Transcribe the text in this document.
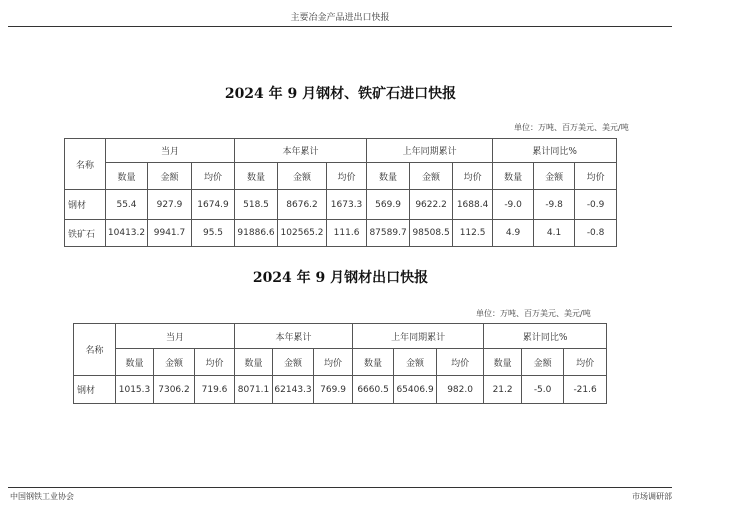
主要冶金产品进出口快报
2024 年 9 月钢材、铁矿石进口快报
单位：万吨、百万美元、美元/吨
名称	当月			本年累计			上年同期累计			累计同比%		
	数量	金额	均价	数量	金额	均价	数量	金额	均价	数量	金额	均价
钢材	55.4	927.9	1674.9	518.5	8676.2	1673.3	569.9	9622.2	1688.4	-9.0	-9.8	-0.9
铁矿石	10413.2	9941.7	95.5	91886.6	102565.2	111.6	87589.7	98508.5	112.5	4.9	4.1	-0.8
2024 年 9 月钢材出口快报
单位：万吨、百万美元、美元/吨
名称	当月			本年累计			上年同期累计			累计同比%		
	数量	金额	均价	数量	金额	均价	数量	金额	均价	数量	金额	均价
钢材	1015.3	7306.2	719.6	8071.1	62143.3	769.9	6660.5	65406.9	982.0	21.2	-5.0	-21.6
中国钢铁工业协会	市场调研部
